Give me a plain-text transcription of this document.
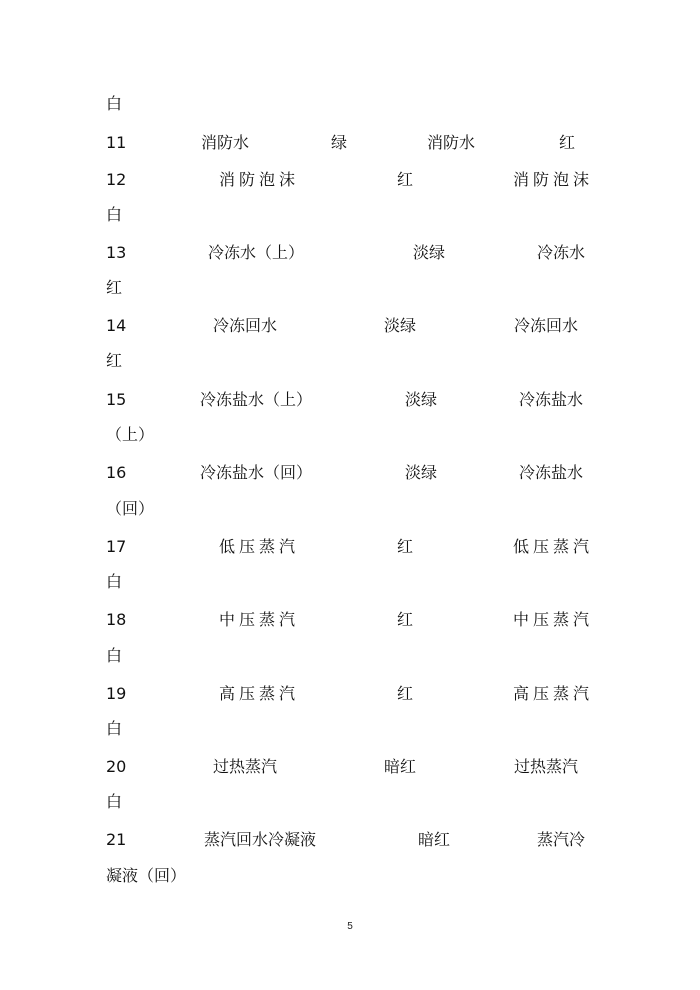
白
11	消防水	绿	消防水	红
12	消防泡沫	红	消防泡沫
白
13	冷冻水（上）	淡绿	冷冻水
红
14	冷冻回水	淡绿	冷冻回水
红
15	冷冻盐水（上）	淡绿	冷冻盐水
（上）
16	冷冻盐水（回）	淡绿	冷冻盐水
（回）
17	低压蒸汽	红	低压蒸汽
白
18	中压蒸汽	红	中压蒸汽
白
19	高压蒸汽	红	高压蒸汽
白
20	过热蒸汽	暗红	过热蒸汽
白
21	蒸汽回水冷凝液	暗红	蒸汽冷
凝液（回）
5
